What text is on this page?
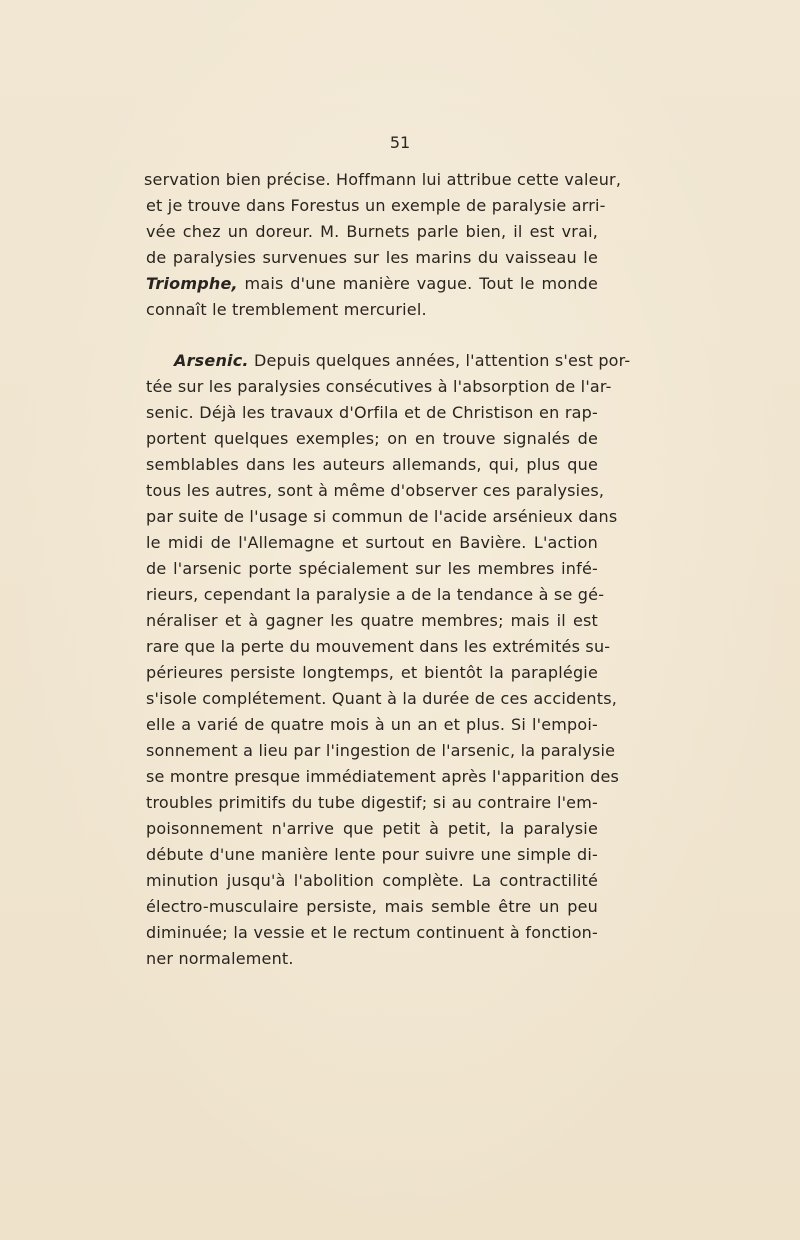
51

servation bien précise. Hoffmann lui attribue cette valeur,
et je trouve dans Forestus un exemple de paralysie arri-
vée chez un doreur. M. Burnets parle bien, il est vrai,
de paralysies survenues sur les marins du vaisseau le
Triomphe, mais d'une manière vague. Tout le monde
connaît le tremblement mercuriel.
Arsenic. Depuis quelques années, l'attention s'est por-
tée sur les paralysies consécutives à l'absorption de l'ar-
senic. Déjà les travaux d'Orfila et de Christison en rap-
portent quelques exemples; on en trouve signalés de
semblables dans les auteurs allemands, qui, plus que
tous les autres, sont à même d'observer ces paralysies,
par suite de l'usage si commun de l'acide arsénieux dans
le midi de l'Allemagne et surtout en Bavière. L'action
de l'arsenic porte spécialement sur les membres infé-
rieurs, cependant la paralysie a de la tendance à se gé-
néraliser et à gagner les quatre membres; mais il est
rare que la perte du mouvement dans les extrémités su-
périeures persiste longtemps, et bientôt la paraplégie
s'isole complétement. Quant à la durée de ces accidents,
elle a varié de quatre mois à un an et plus. Si l'empoi-
sonnement a lieu par l'ingestion de l'arsenic, la paralysie
se montre presque immédiatement après l'apparition des
troubles primitifs du tube digestif; si au contraire l'em-
poisonnement n'arrive que petit à petit, la paralysie
débute d'une manière lente pour suivre une simple di-
minution jusqu'à l'abolition complète. La contractilité
électro-musculaire persiste, mais semble être un peu
diminuée; la vessie et le rectum continuent à fonction-
ner normalement.
